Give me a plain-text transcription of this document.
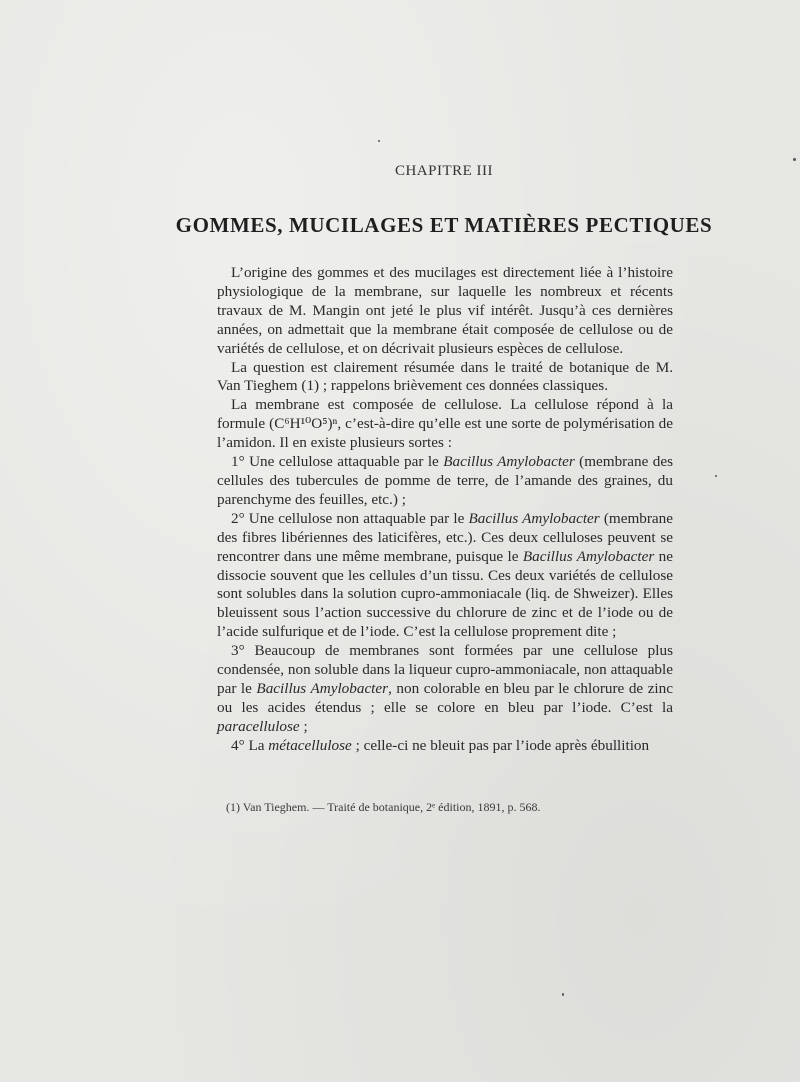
CHAPITRE III
GOMMES, MUCILAGES ET MATIÈRES PECTIQUES

L’origine des gommes et des mucilages est directement liée à l’histoire physiologique de la membrane, sur laquelle les nombreux et récents travaux de M. Mangin ont jeté le plus vif intérêt. Jusqu’à ces dernières années, on admettait que la membrane était composée de cellulose ou de variétés de cellulose, et on décrivait plusieurs espèces de cellulose.

La question est clairement résumée dans le traité de botanique de M. Van Tieghem (1) ; rappelons brièvement ces données classiques.

La membrane est composée de cellulose. La cellulose répond à la formule (C⁶H¹⁰O⁵)ⁿ, c’est-à-dire qu’elle est une sorte de polymérisation de l’amidon. Il en existe plusieurs sortes :

1° Une cellulose attaquable par le Bacillus Amylobacter (membrane des cellules des tubercules de pomme de terre, de l’amande des graines, du parenchyme des feuilles, etc.) ;

2° Une cellulose non attaquable par le Bacillus Amylobacter (membrane des fibres libériennes des laticifères, etc.). Ces deux celluloses peuvent se rencontrer dans une même membrane, puisque le Bacillus Amylobacter ne dissocie souvent que les cellules d’un tissu. Ces deux variétés de cellulose sont solubles dans la solution cupro-ammoniacale (liq. de Shweizer). Elles bleuissent sous l’action successive du chlorure de zinc et de l’iode ou de l’acide sulfurique et de l’iode. C’est la cellulose proprement dite ;

3° Beaucoup de membranes sont formées par une cellulose plus condensée, non soluble dans la liqueur cupro-ammoniacale, non attaquable par le Bacillus Amylobacter, non colorable en bleu par le chlorure de zinc ou les acides étendus ; elle se colore en bleu par l’iode. C’est la paracellulose ;

4° La métacellulose ; celle-ci ne bleuit pas par l’iode après ébullition

(1) Van Tieghem. — Traité de botanique, 2ᵉ édition, 1891, p. 568.
